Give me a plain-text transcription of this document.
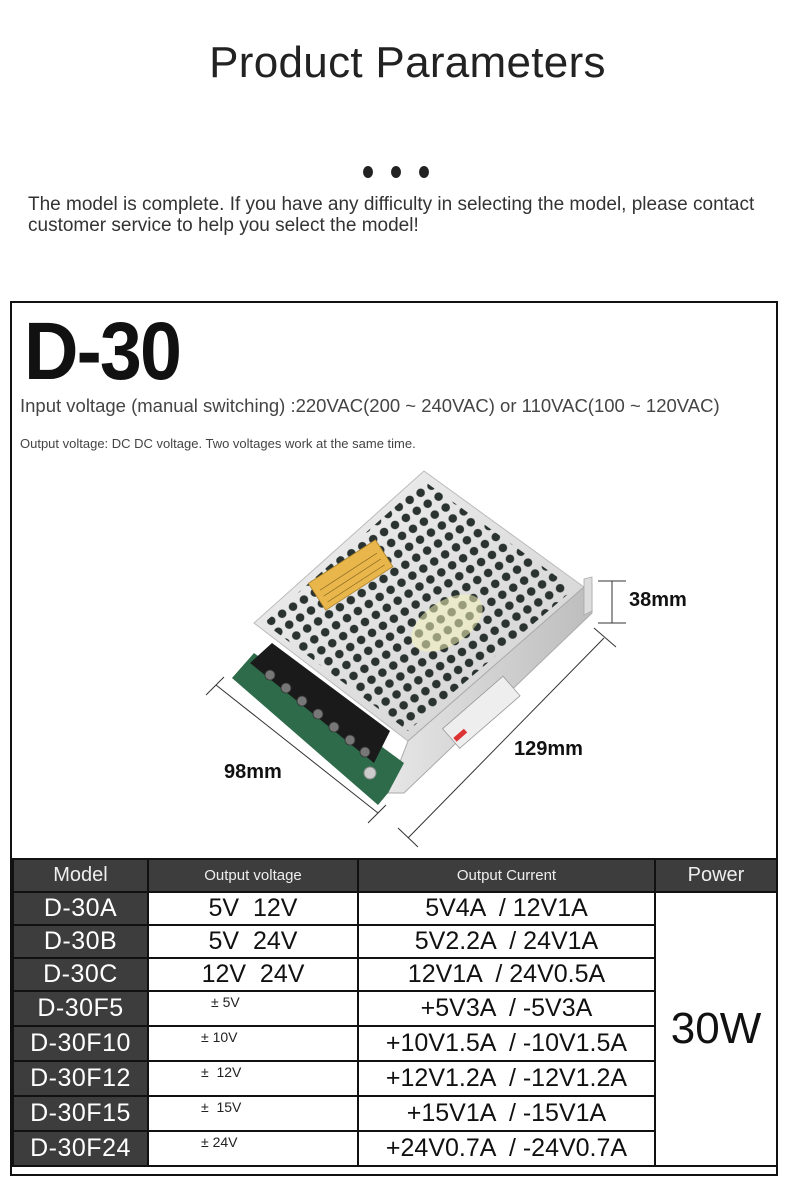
Product Parameters
The model is complete. If you have any difficulty in selecting the model, please contact customer service to help you select the model!
D-30
Input voltage (manual switching) :220VAC(200 ~ 240VAC) or 110VAC(100 ~ 120VAC)
Output voltage: DC DC voltage. Two voltages work at the same time.
38mm
129mm
98mm
Model	Output voltage	Output Current	Power
D-30A	5V  12V	5V4A  / 12V1A	30W
D-30B	5V  24V	5V2.2A  / 24V1A	
D-30C	12V  24V	12V1A  / 24V0.5A	
D-30F5	± 5V	+5V3A  / -5V3A	
D-30F10	± 10V	+10V1.5A  / -10V1.5A	
D-30F12	±  12V	+12V1.2A  / -12V1.2A	
D-30F15	±  15V	+15V1A  / -15V1A	
D-30F24	± 24V	+24V0.7A  / -24V0.7A	
